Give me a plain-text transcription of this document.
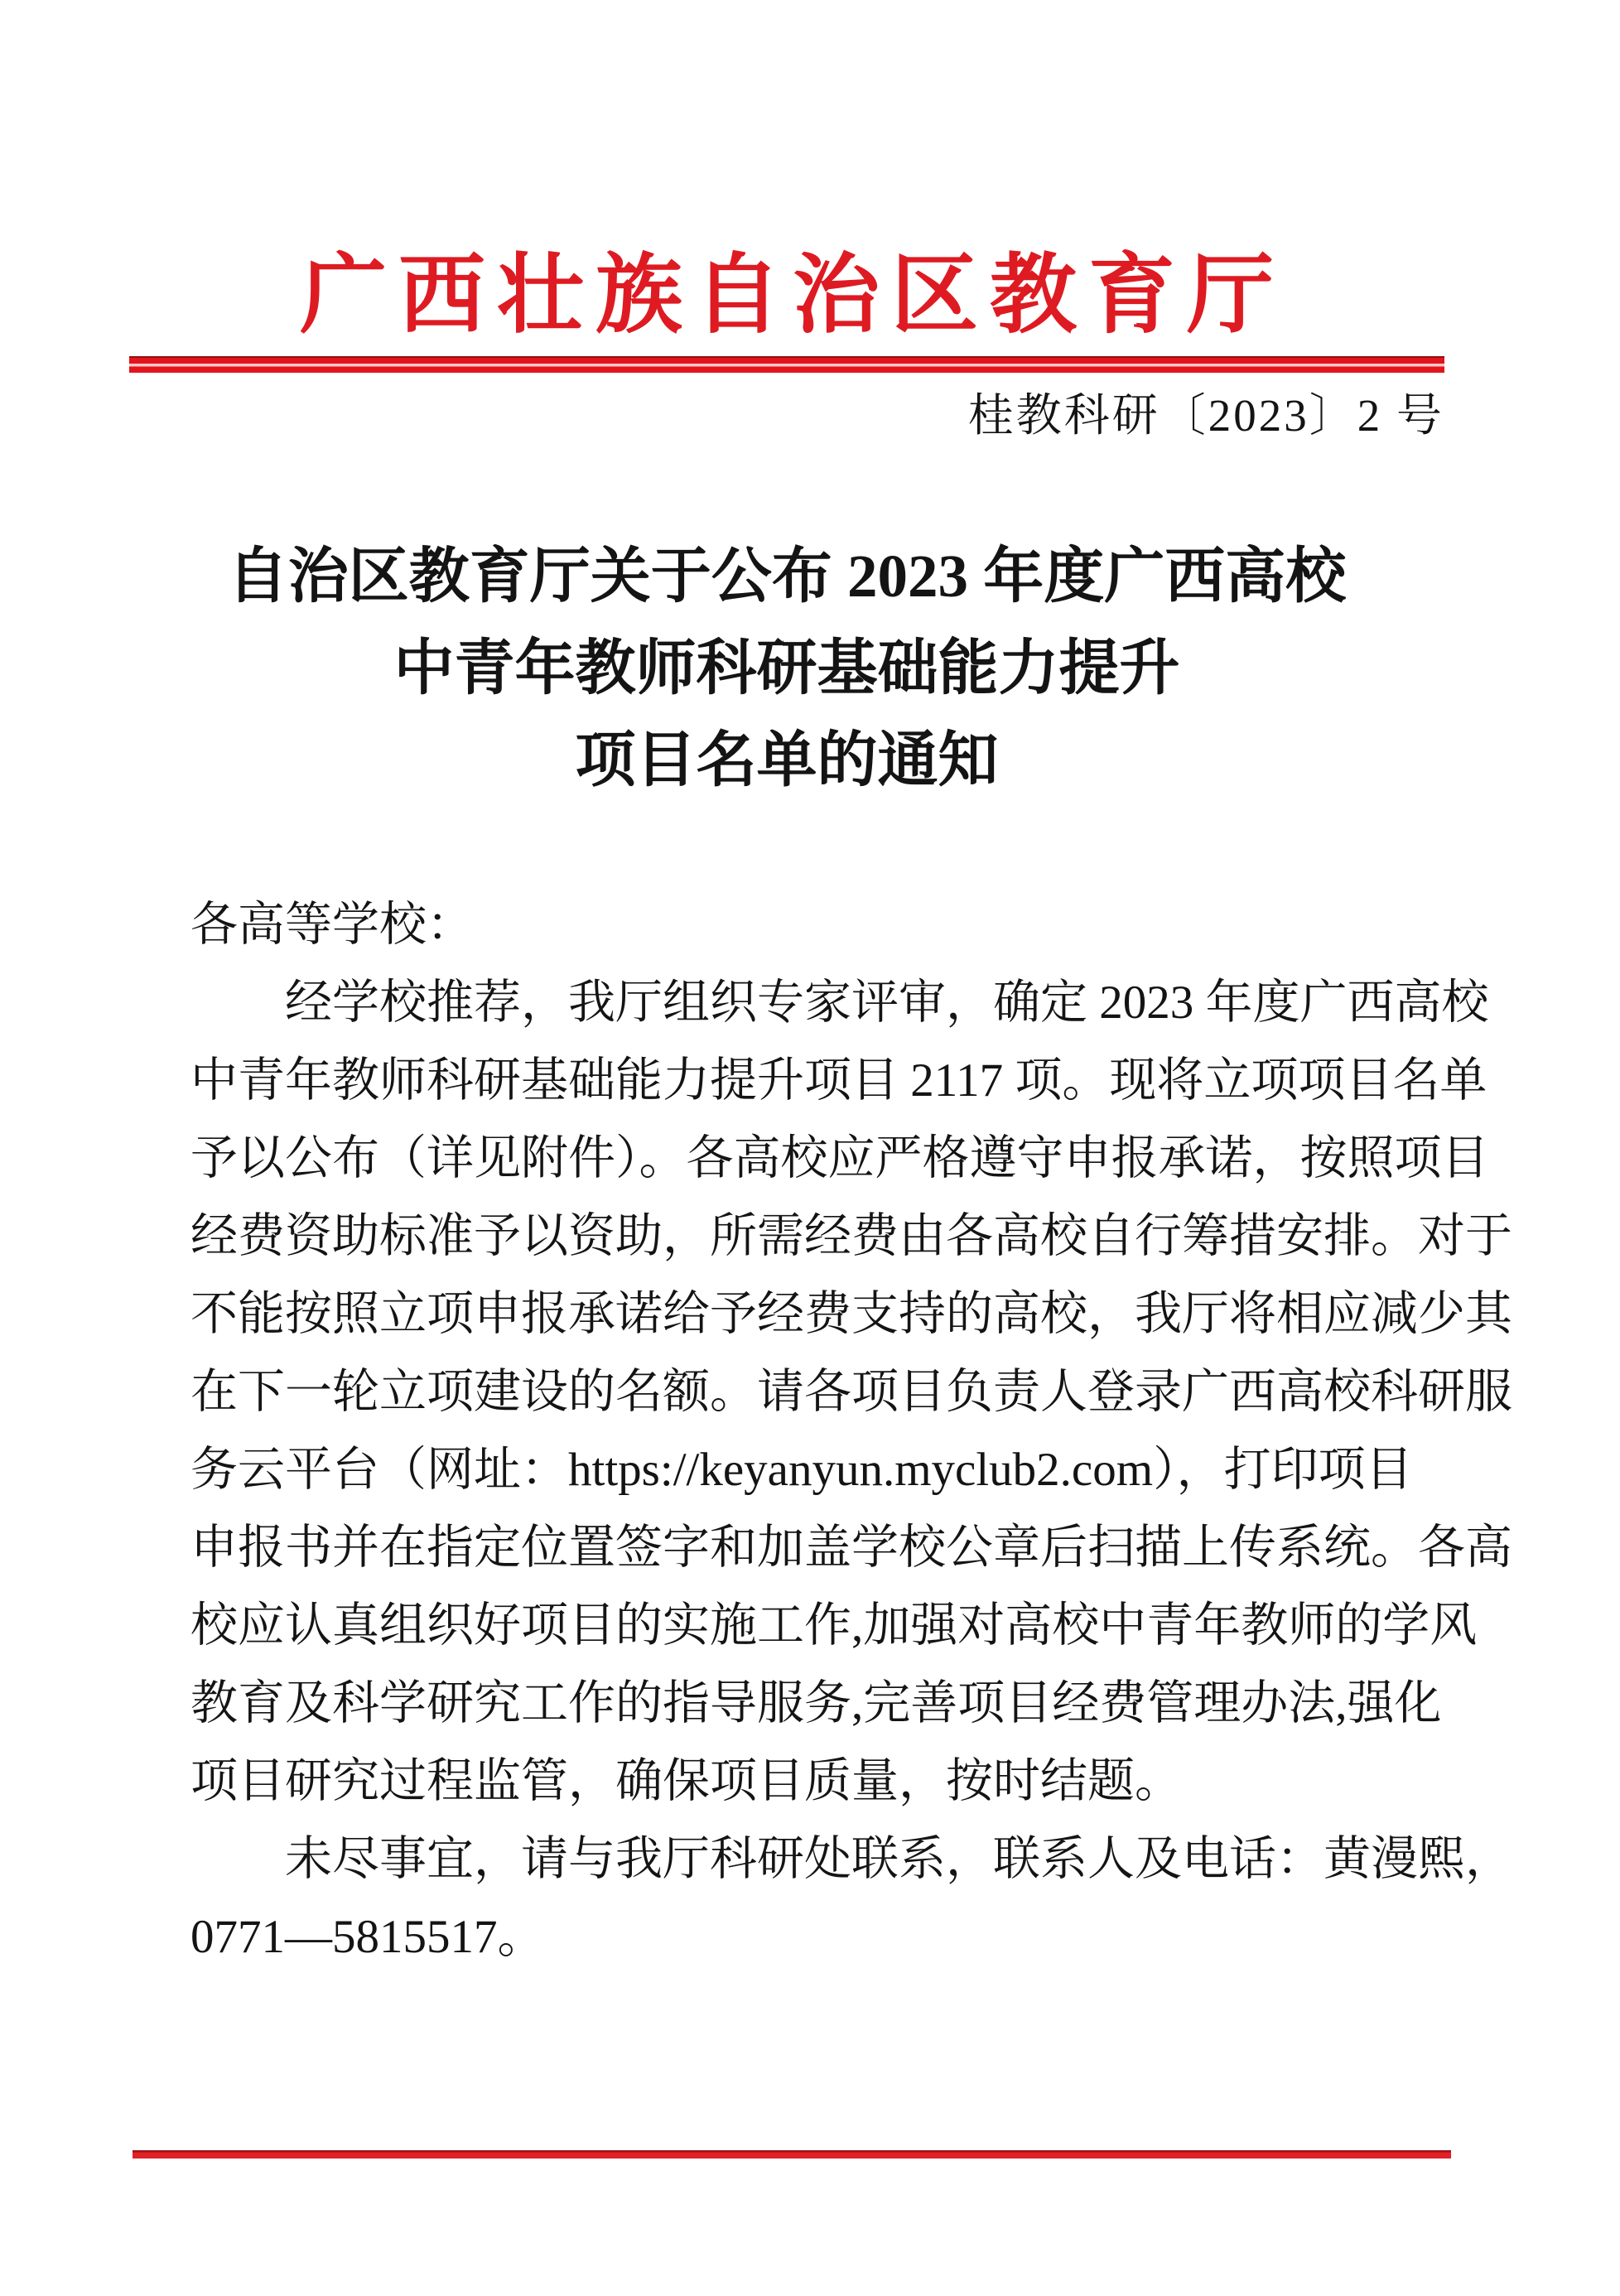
广西壮族自治区教育厅
桂教科研〔2023〕2 号
自治区教育厅关于公布 2023 年度广西高校
中青年教师科研基础能力提升
项目名单的通知
各高等学校：
经学校推荐，我厅组织专家评审，确定 2023 年度广西高校
中青年教师科研基础能力提升项目 2117 项。现将立项项目名单
予以公布（详见附件）。各高校应严格遵守申报承诺，按照项目
经费资助标准予以资助，所需经费由各高校自行筹措安排。对于
不能按照立项申报承诺给予经费支持的高校，我厅将相应减少其
在下一轮立项建设的名额。请各项目负责人登录广西高校科研服
务云平台（网址：https://keyanyun.myclub2.com），打印项目
申报书并在指定位置签字和加盖学校公章后扫描上传系统。各高
校应认真组织好项目的实施工作,加强对高校中青年教师的学风
教育及科学研究工作的指导服务,完善项目经费管理办法,强化
项目研究过程监管，确保项目质量，按时结题。
未尽事宜，请与我厅科研处联系，联系人及电话：黄漫熙，
0771—5815517。
